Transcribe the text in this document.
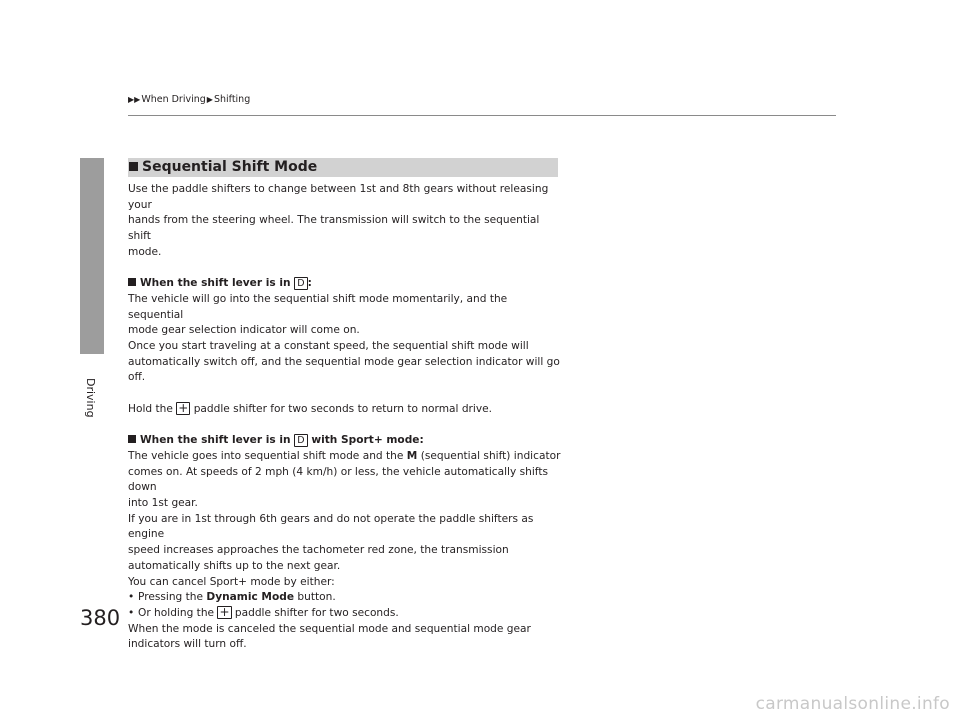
▶▶When Driving▶Shifting
Driving
Sequential Shift Mode

Use the paddle shifters to change between 1st and 8th gears without releasing your

hands from the steering wheel. The transmission will switch to the sequential shift

mode.

When the shift lever is in D :

The vehicle will go into the sequential shift mode momentarily, and the sequential

mode gear selection indicator will come on.

Once you start traveling at a constant speed, the sequential shift mode will

automatically switch off, and the sequential mode gear selection indicator will go

off.

Hold the + paddle shifter for two seconds to return to normal drive.

When the shift lever is in D with Sport+ mode:

The vehicle goes into sequential shift mode and the M (sequential shift) indicator

comes on. At speeds of 2 mph (4 km/h) or less, the vehicle automatically shifts down

into 1st gear.

If you are in 1st through 6th gears and do not operate the paddle shifters as engine

speed increases approaches the tachometer red zone, the transmission

automatically shifts up to the next gear.

You can cancel Sport+ mode by either:

• Pressing the Dynamic Mode button.

• Or holding the + paddle shifter for two seconds.

When the mode is canceled the sequential mode and sequential mode gear

indicators will turn off.

380
carmanualsonline.info
